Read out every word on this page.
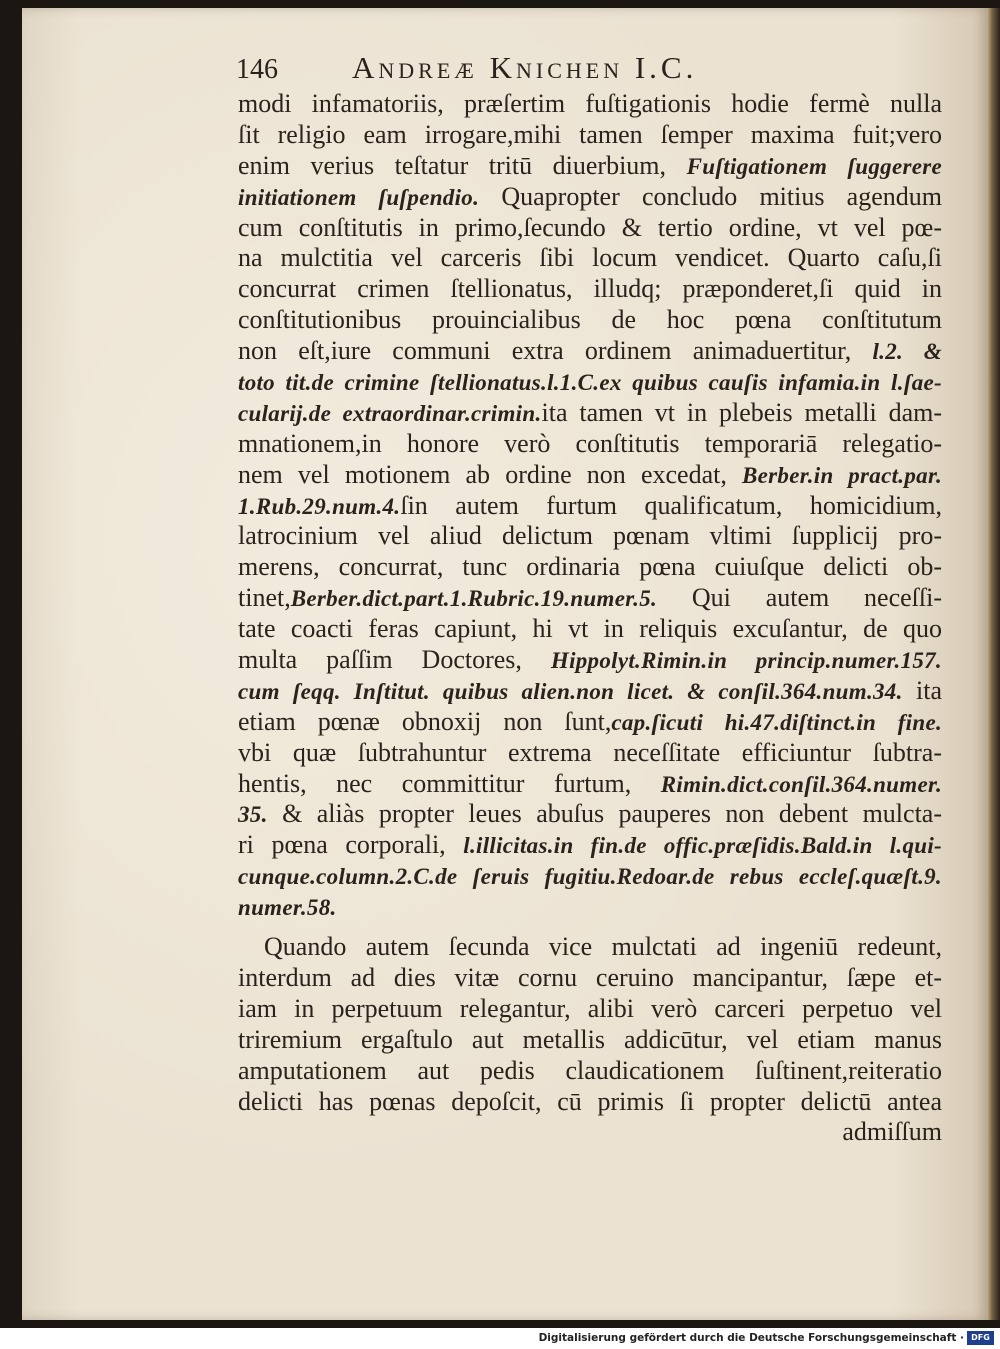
146 Andreæ Knichen I.C.
modi infamatoriis, præſertim fuſtigationis hodie fermè nulla
ſit religio eam irrogare,mihi tamen ſemper maxima fuit;vero
enim verius teſtatur tritū diuerbium, Fuſtigationem ſuggerere
initiationem ſuſpendio. Quapropter concludo mitius agendum
cum conſtitutis in primo,ſecundo & tertio ordine, vt vel pœ-
na mulctitia vel carceris ſibi locum vendicet. Quarto caſu,ſi
concurrat crimen ſtellionatus, illudq; præponderet,ſi quid in
conſtitutionibus prouincialibus de hoc pœna conſtitutum
non eſt,iure communi extra ordinem animaduertitur, l.2. &
toto tit.de crimine ſtellionatus.l.1.C.ex quibus cauſis infamia.in l.ſae-
cularij.de extraordinar.crimin.ita tamen vt in plebeis metalli dam-
mnationem,in honore verò conſtitutis temporariā relegatio-
nem vel motionem ab ordine non excedat, Berber.in pract.par.
1.Rub.29.num.4.ſin autem furtum qualificatum, homicidium,
latrocinium vel aliud delictum pœnam vltimi ſupplicij pro-
merens, concurrat, tunc ordinaria pœna cuiuſque delicti ob-
tinet,Berber.dict.part.1.Rubric.19.numer.5. Qui autem neceſſi-
tate coacti feras capiunt, hi vt in reliquis excuſantur, de quo
multa paſſim Doctores, Hippolyt.Rimin.in princip.numer.157.
cum ſeqq. Inſtitut. quibus alien.non licet. & conſil.364.num.34. ita
etiam pœnæ obnoxij non ſunt,cap.ſicuti hi.47.diſtinct.in fine.
vbi quæ ſubtrahuntur extrema neceſſitate efficiuntur ſubtra-
hentis, nec committitur furtum, Rimin.dict.conſil.364.numer.
35. & aliàs propter leues abuſus pauperes non debent mulcta-
ri pœna corporali, l.illicitas.in fin.de offic.præſidis.Bald.in l.qui-
cunque.column.2.C.de ſeruis fugitiu.Redoar.de rebus eccleſ.quæſt.9.
numer.58.
Quando autem ſecunda vice mulctati ad ingeniū redeunt,
interdum ad dies vitæ cornu ceruino mancipantur, ſæpe et-
iam in perpetuum relegantur, alibi verò carceri perpetuo vel
triremium ergaſtulo aut metallis addicūtur, vel etiam manus
amputationem aut pedis claudicationem ſuſtinent,reiteratio
delicti has pœnas depoſcit, cū primis ſi propter delictū antea
admiſſum
Digitalisierung gefördert durch die Deutsche Forschungsgemeinschaft · DFG
